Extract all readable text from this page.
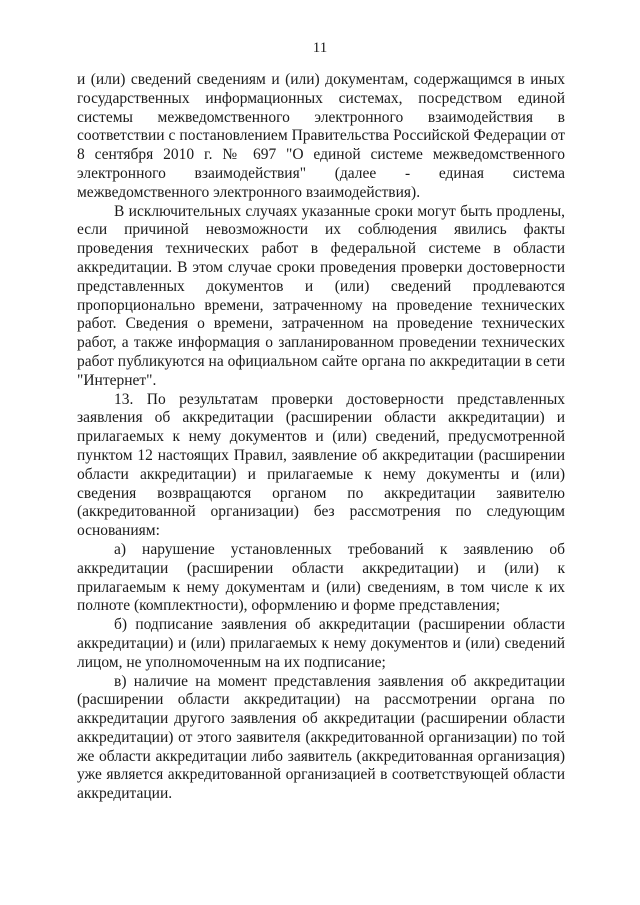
11

и (или) сведений сведениям и (или) документам, содержащимся в иных государственных информационных системах, посредством единой системы межведомственного электронного взаимодействия в соответствии с постановлением Правительства Российской Федерации от 8 сентября 2010 г. № 697 "О единой системе межведомственного электронного взаимодействия" (далее - единая система межведомственного электронного взаимодействия).

В исключительных случаях указанные сроки могут быть продлены, если причиной невозможности их соблюдения явились факты проведения технических работ в федеральной системе в области аккредитации. В этом случае сроки проведения проверки достоверности представленных документов и (или) сведений продлеваются пропорционально времени, затраченному на проведение технических работ. Сведения о времени, затраченном на проведение технических работ, а также информация о запланированном проведении технических работ публикуются на официальном сайте органа по аккредитации в сети "Интернет".

13. По результатам проверки достоверности представленных заявления об аккредитации (расширении области аккредитации) и прилагаемых к нему документов и (или) сведений, предусмотренной пунктом 12 настоящих Правил, заявление об аккредитации (расширении области аккредитации) и прилагаемые к нему документы и (или) сведения возвращаются органом по аккредитации заявителю (аккредитованной организации) без рассмотрения по следующим основаниям:

а) нарушение установленных требований к заявлению об аккредитации (расширении области аккредитации) и (или) к прилагаемым к нему документам и (или) сведениям, в том числе к их полноте (комплектности), оформлению и форме представления;

б) подписание заявления об аккредитации (расширении области аккредитации) и (или) прилагаемых к нему документов и (или) сведений лицом, не уполномоченным на их подписание;

в) наличие на момент представления заявления об аккредитации (расширении области аккредитации) на рассмотрении органа по аккредитации другого заявления об аккредитации (расширении области аккредитации) от этого заявителя (аккредитованной организации) по той же области аккредитации либо заявитель (аккредитованная организация) уже является аккредитованной организацией в соответствующей области аккредитации.
